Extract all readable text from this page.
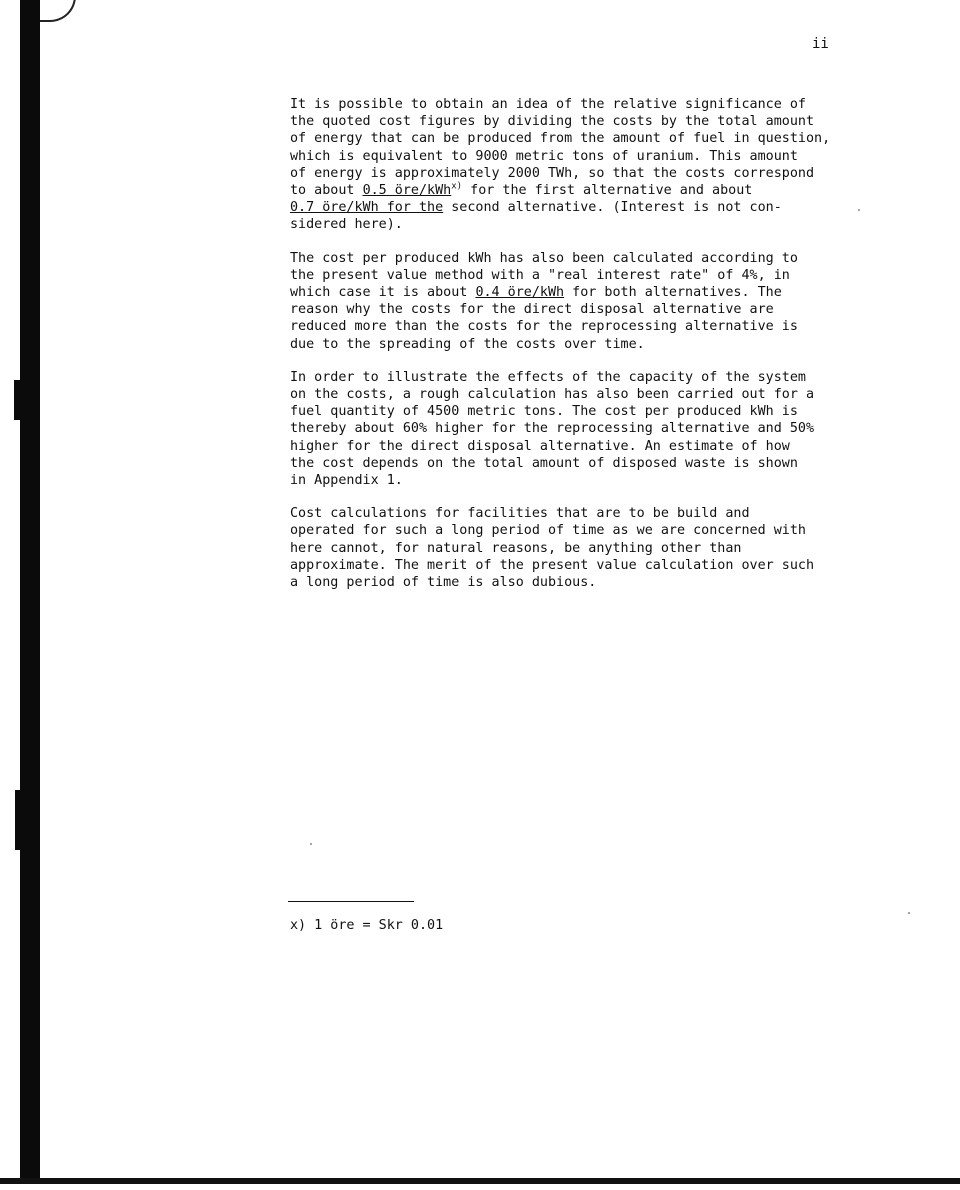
ii

It is possible to obtain an idea of the relative significance of
the quoted cost figures by dividing the costs by the total amount
of energy that can be produced from the amount of fuel in question,
which is equivalent to 9000 metric tons of uranium. This amount
of energy is approximately 2000 TWh, so that the costs correspond
to about 0.5 öre/kWh$^{x)}$ for the first alternative and about
0.7 öre/kWh for the second alternative. (Interest is not con-
sidered here).

The cost per produced kWh has also been calculated according to
the present value method with a "real interest rate" of 4%, in
which case it is about 0.4 öre/kWh for both alternatives. The
reason why the costs for the direct disposal alternative are
reduced more than the costs for the reprocessing alternative is
due to the spreading of the costs over time.

In order to illustrate the effects of the capacity of the system
on the costs, a rough calculation has also been carried out for a
fuel quantity of 4500 metric tons. The cost per produced kWh is
thereby about 60% higher for the reprocessing alternative and 50%
higher for the direct disposal alternative. An estimate of how
the cost depends on the total amount of disposed waste is shown
in Appendix 1.

Cost calculations for facilities that are to be build and
operated for such a long period of time as we are concerned with
here cannot, for natural reasons, be anything other than
approximate. The merit of the present value calculation over such
a long period of time is also dubious.

x) 1 öre = Skr 0.01
